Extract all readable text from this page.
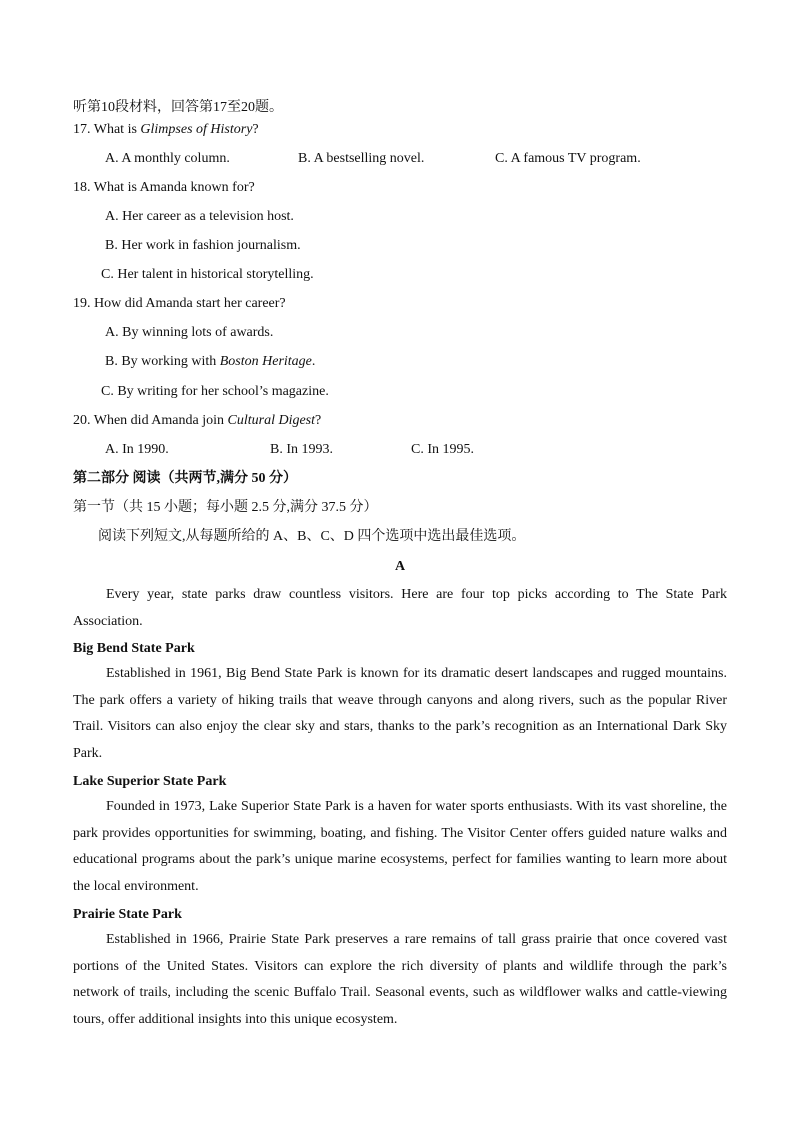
听第10段材料，回答第17至20题。
17. What is Glimpses of History?
A. A monthly column.	B. A bestselling novel.	C. A famous TV program.
18. What is Amanda known for?
A. Her career as a television host.
B. Her work in fashion journalism.
C. Her talent in historical storytelling.
19. How did Amanda start her career?
A. By winning lots of awards.
B. By working with Boston Heritage.
C. By writing for her school’s magazine.
20. When did Amanda join Cultural Digest?
A. In 1990.	B. In 1993.	C. In 1995.
第二部分 阅读（共两节,满分 50 分）
第一节（共 15 小题；每小题 2.5 分,满分 37.5 分）
阅读下列短文,从每题所给的 A、B、C、D 四个选项中选出最佳选项。
A
Every year, state parks draw countless visitors. Here are four top picks according to The State Park Association.
Big Bend State Park
Established in 1961, Big Bend State Park is known for its dramatic desert landscapes and rugged mountains. The park offers a variety of hiking trails that weave through canyons and along rivers, such as the popular River Trail. Visitors can also enjoy the clear sky and stars, thanks to the park’s recognition as an International Dark Sky Park.
Lake Superior State Park
Founded in 1973, Lake Superior State Park is a haven for water sports enthusiasts. With its vast shoreline, the park provides opportunities for swimming, boating, and fishing. The Visitor Center offers guided nature walks and educational programs about the park’s unique marine ecosystems, perfect for families wanting to learn more about the local environment.
Prairie State Park
Established in 1966, Prairie State Park preserves a rare remains of tall grass prairie that once covered vast portions of the United States. Visitors can explore the rich diversity of plants and wildlife through the park’s network of trails, including the scenic Buffalo Trail. Seasonal events, such as wildflower walks and cattle-viewing tours, offer additional insights into this unique ecosystem.
